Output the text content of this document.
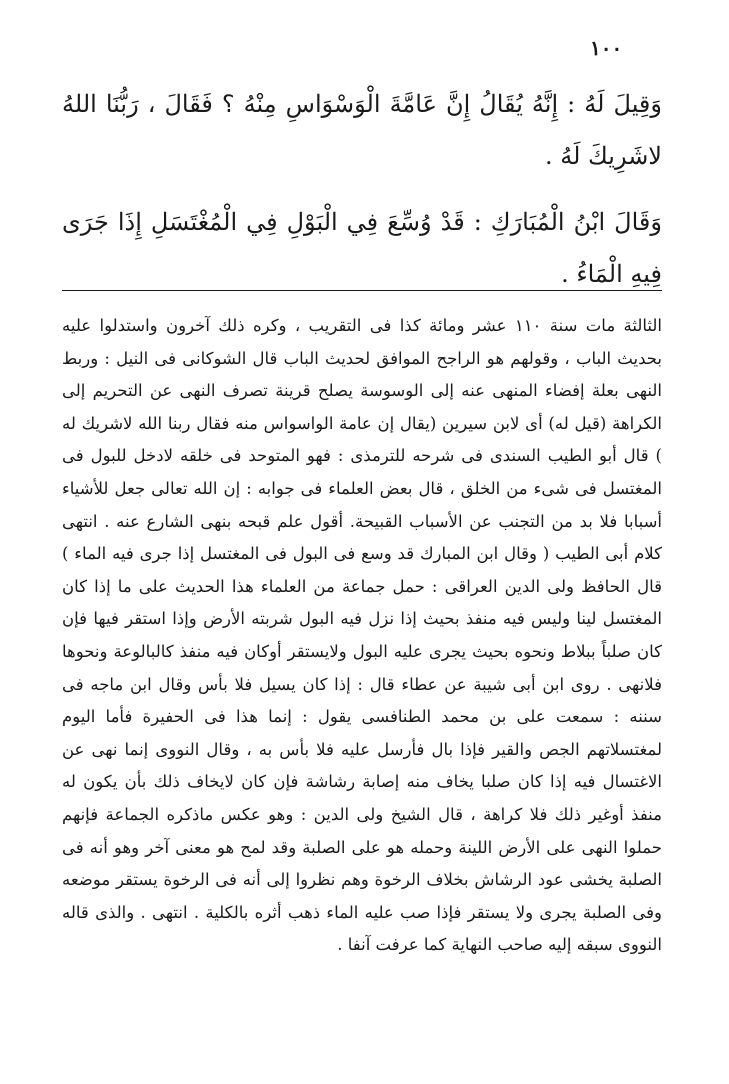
١٠٠

وَقِيلَ لَهُ : إِنَّهُ يُقَالُ إِنَّ عَامَّةَ الْوَسْوَاسِ مِنْهُ ؟ فَقَالَ ، رَبُّنَا اللهُ لاشَرِيكَ لَهُ .

وَقَالَ ابْنُ الْمُبَارَكِ : قَدْ وُسِّعَ فِي الْبَوْلِ فِي الْمُغْتَسَلِ إِذَا جَرَى فِيهِ الْمَاءُ .

الثالثة مات سنة ١١٠ عشر ومائة كذا فى التقريب ، وكره ذلك آخرون واستدلوا عليه بحديث الباب ، وقولهم هو الراجح الموافق لحديث الباب قال الشوكانى فى النيل : وربط النهى بعلة إفضاء المنهى عنه إلى الوسوسة يصلح قرينة تصرف النهى عن التحريم إلى الكراهة (قيل له) أى لابن سيرين (يقال إن عامة الواسواس منه فقال ربنا الله لاشريك له ) قال أبو الطيب السندى فى شرحه للترمذى : فهو المتوحد فى خلقه لادخل للبول فى المغتسل فى شىء من الخلق ، قال بعض العلماء فى جوابه : إن الله تعالى جعل للأشياء أسبابا فلا بد من التجنب عن الأسباب القبيحة. أقول علم قبحه بنهى الشارع عنه . انتهى كلام أبى الطيب ( وقال ابن المبارك قد وسع فى البول فى المغتسل إذا جرى فيه الماء ) قال الحافظ ولى الدين العراقى : حمل جماعة من العلماء هذا الحديث على ما إذا كان المغتسل لينا وليس فيه منفذ بحيث إذا نزل فيه البول شربته الأرض وإذا استقر فيها فإن كان صلباً ببلاط ونحوه بحيث يجرى عليه البول ولايستقر أوكان فيه منفذ كالبالوعة ونحوها فلانهى . روى ابن أبى شيبة عن عطاء قال : إذا كان يسيل فلا بأس وقال ابن ماجه فى سننه : سمعت على بن محمد الطنافسى يقول : إنما هذا فى الحفيرة فأما اليوم لمغتسلاتهم الجص والقير فإذا بال فأرسل عليه فلا بأس به ، وقال النووى إنما نهى عن الاغتسال فيه إذا كان صلبا يخاف منه إصابة رشاشة فإن كان لايخاف ذلك بأن يكون له منفذ أوغير ذلك فلا كراهة ، قال الشيخ ولى الدين : وهو عكس ماذكره الجماعة فإنهم حملوا النهى على الأرض اللينة وحمله هو على الصلبة وقد لمح هو معنى آخر وهو أنه فى الصلبة يخشى عود الرشاش بخلاف الرخوة وهم نظروا إلى أنه فى الرخوة يستقر موضعه وفى الصلبة يجرى ولا يستقر فإذا صب عليه الماء ذهب أثره بالكلية . انتهى . والذى قاله النووى سبقه إليه صاحب النهاية كما عرفت آنفا .
